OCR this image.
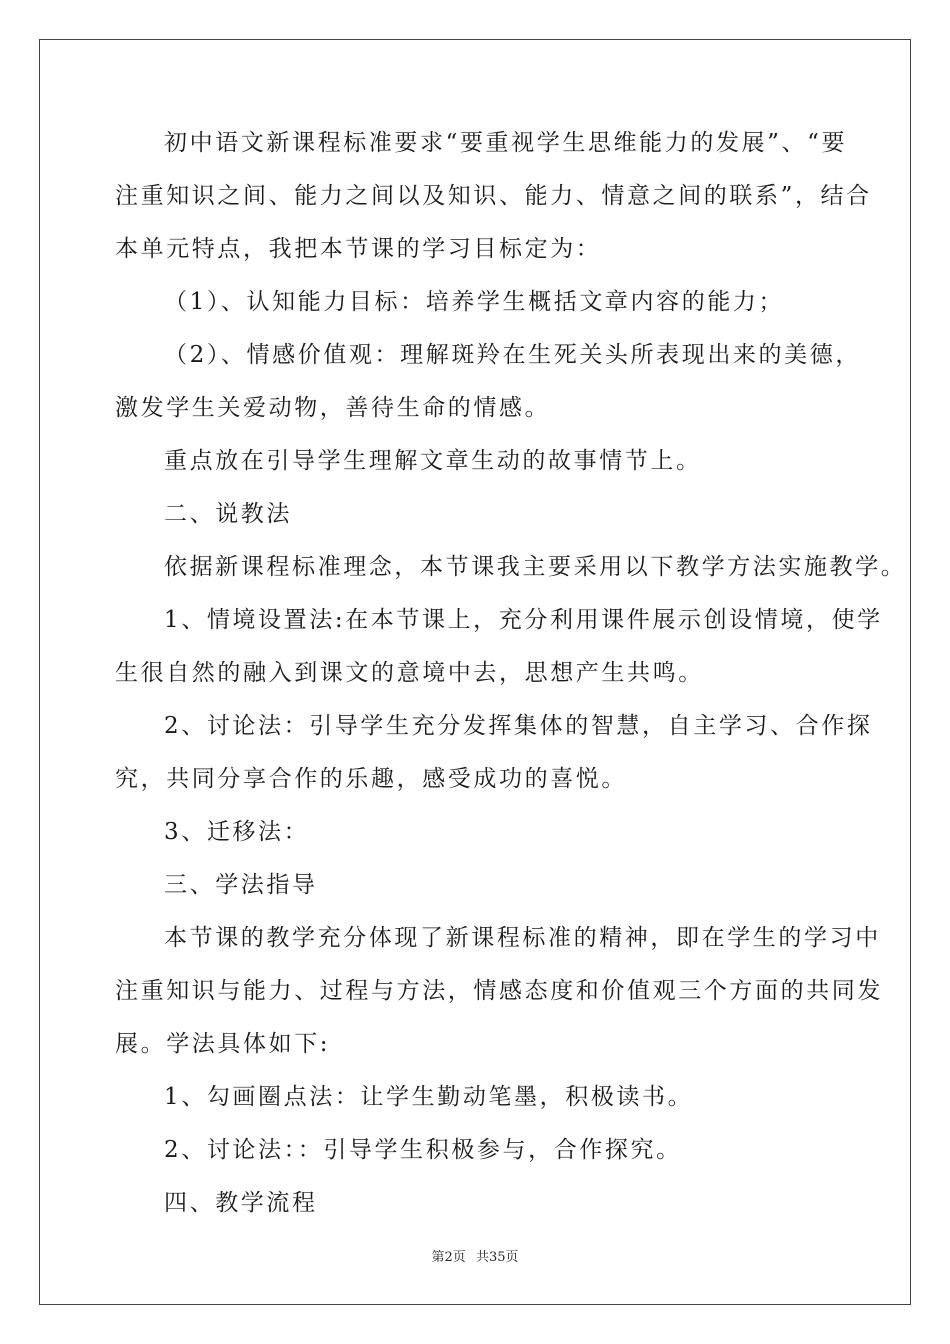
初中语文新课程标准要求“要重视学生思维能力的发展”、“要
注重知识之间、能力之间以及知识、能力、情意之间的联系”，结合
本单元特点，我把本节课的学习目标定为：
（1）、认知能力目标：培养学生概括文章内容的能力；
（2）、情感价值观：理解斑羚在生死关头所表现出来的美德，
激发学生关爱动物，善待生命的情感。
重点放在引导学生理解文章生动的故事情节上。
二、说教法
依据新课程标准理念，本节课我主要采用以下教学方法实施教学。
1、情境设置法:在本节课上，充分利用课件展示创设情境，使学
生很自然的融入到课文的意境中去，思想产生共鸣。
2、讨论法：引导学生充分发挥集体的智慧，自主学习、合作探
究，共同分享合作的乐趣，感受成功的喜悦。
3、迁移法：
三、学法指导
本节课的教学充分体现了新课程标准的精神，即在学生的学习中
注重知识与能力、过程与方法，情感态度和价值观三个方面的共同发
展。学法具体如下:
1、勾画圈点法：让学生勤动笔墨，积极读书。
2、讨论法：：引导学生积极参与，合作探究。
四、教学流程
第2页 共35页
